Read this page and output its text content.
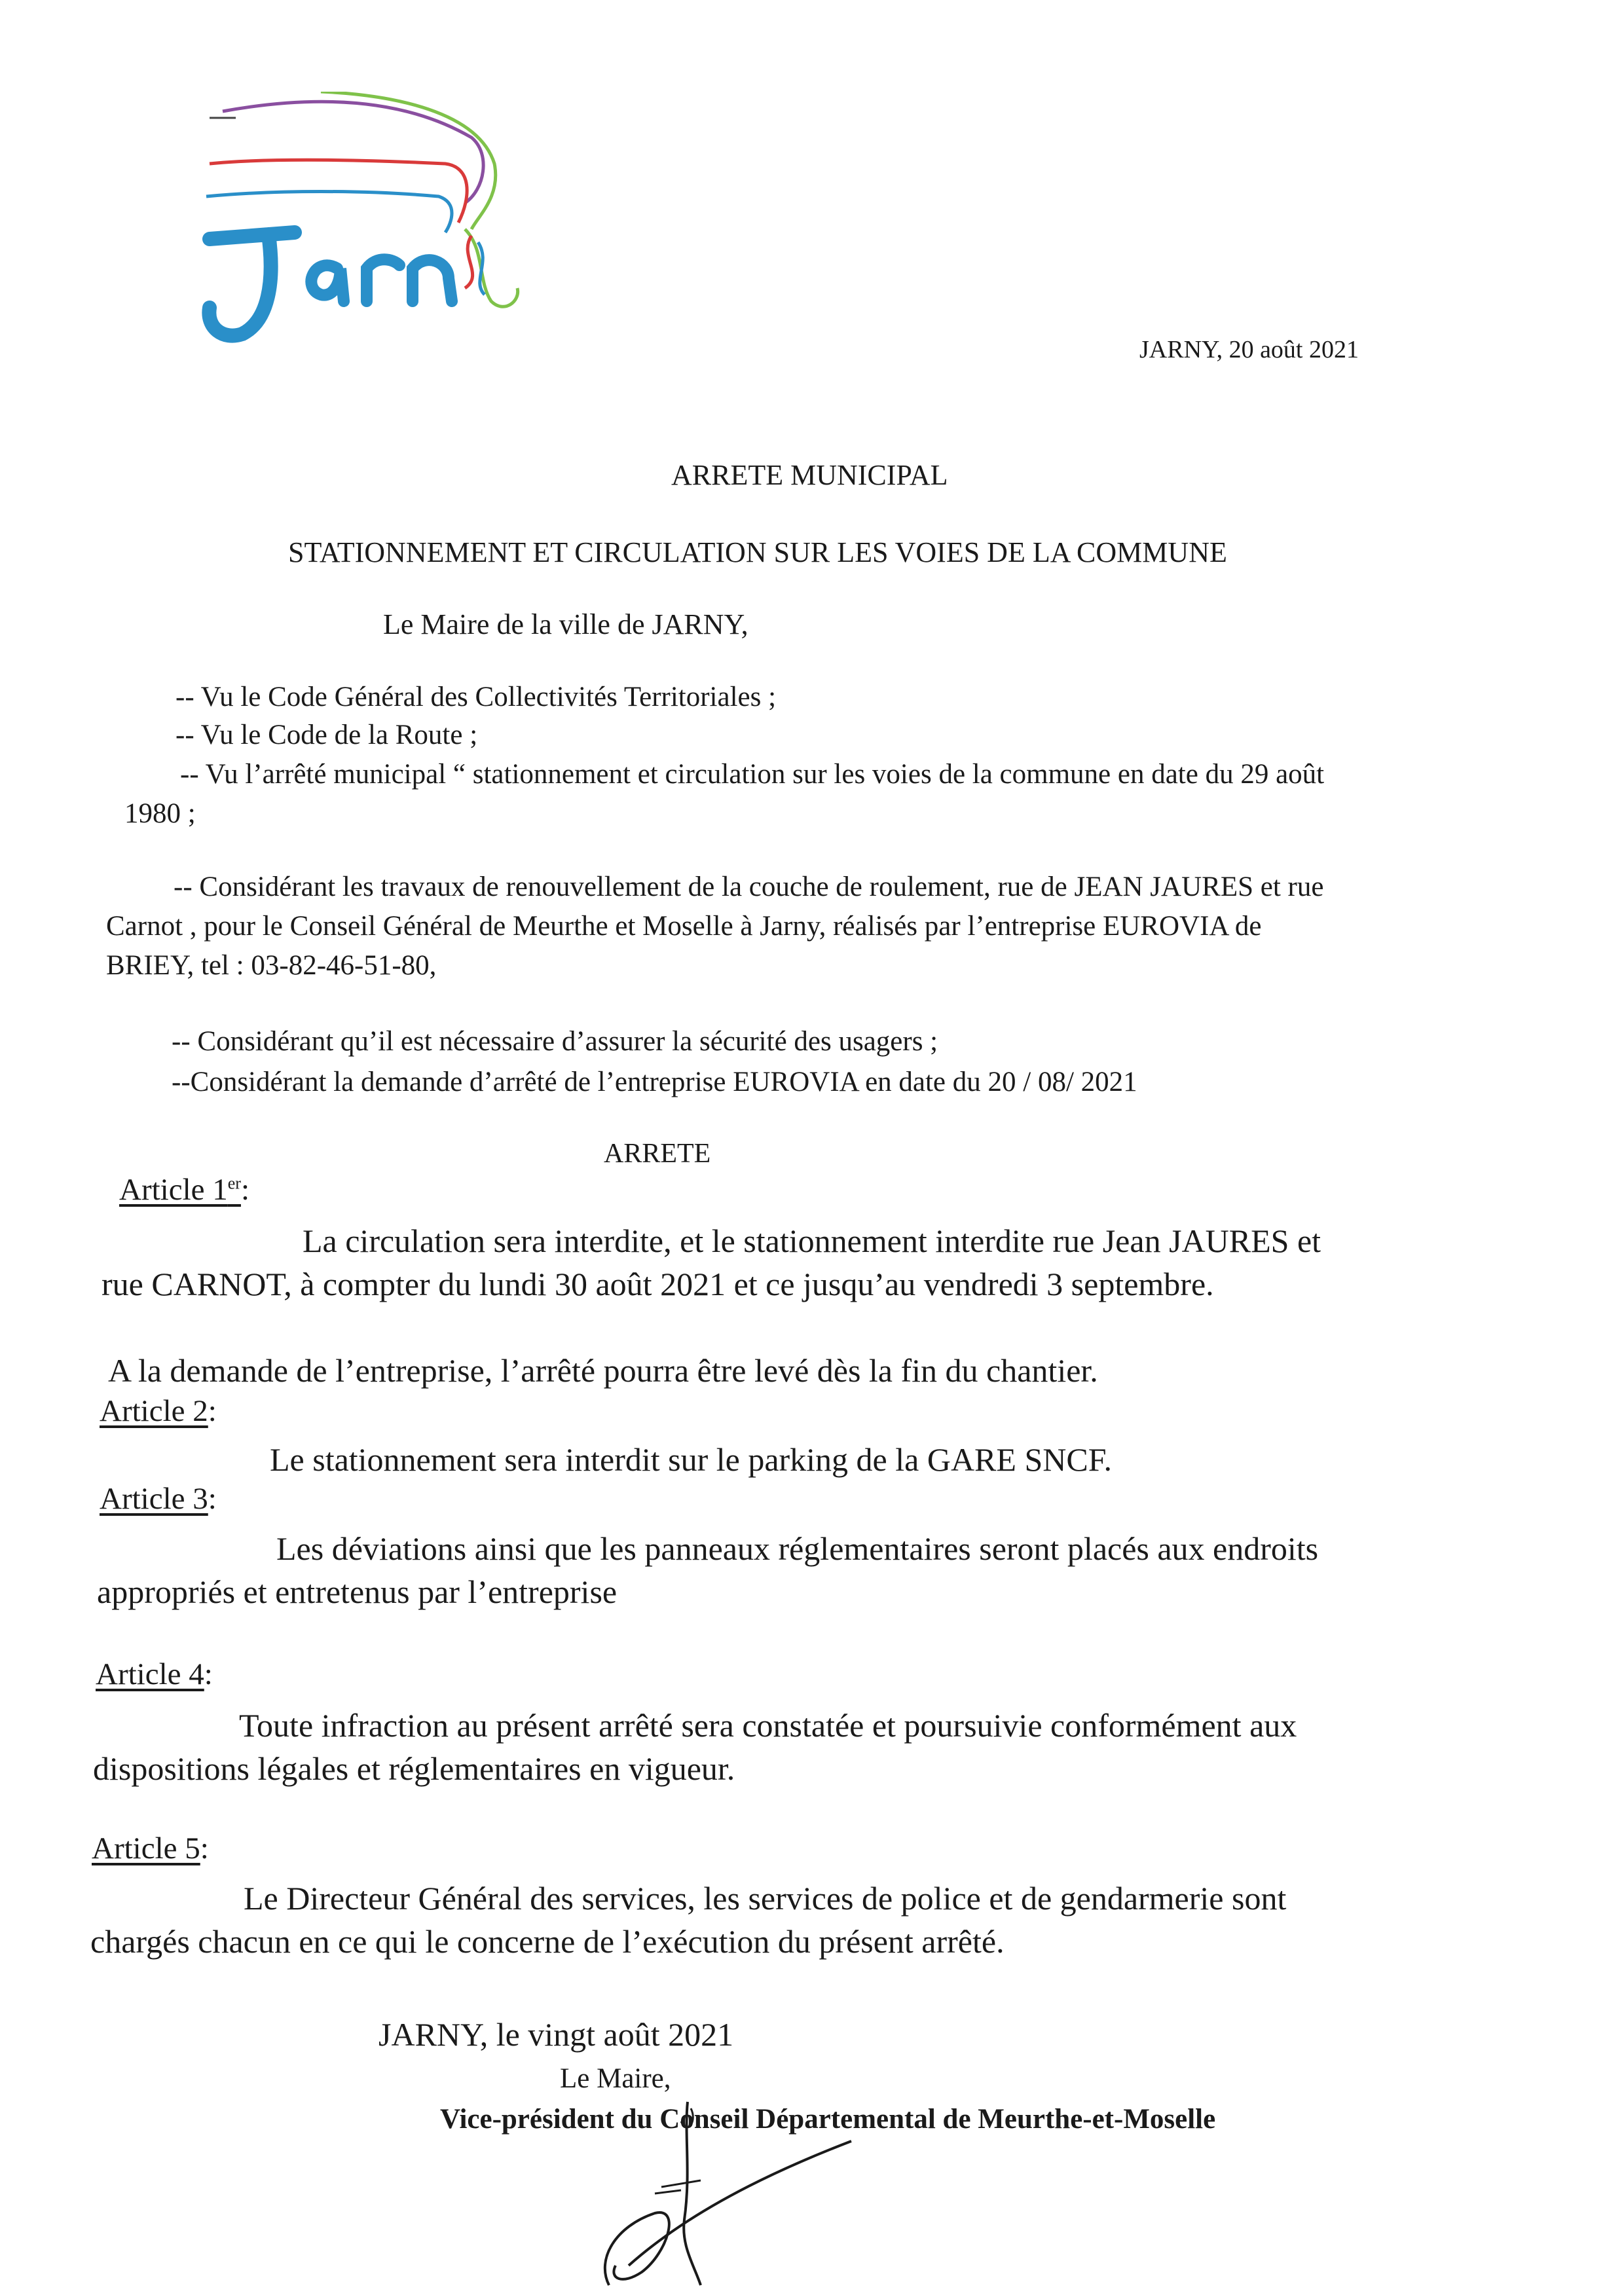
JARNY, 20 août 2021
ARRETE MUNICIPAL
STATIONNEMENT ET CIRCULATION SUR LES VOIES DE LA COMMUNE
Le Maire de la ville de JARNY,
-- Vu le Code Général des Collectivités Territoriales ;
-- Vu le Code de la Route ;
-- Vu l’arrêté municipal “ stationnement et circulation sur les voies de la commune en date du 29 août
1980 ;
-- Considérant les travaux de renouvellement de la couche de roulement, rue de JEAN JAURES et rue
Carnot , pour le Conseil Général de Meurthe et Moselle à Jarny, réalisés par l’entreprise EUROVIA de
BRIEY, tel : 03-82-46-51-80,
-- Considérant qu’il est nécessaire d’assurer la sécurité des usagers ;
--Considérant la demande d’arrêté de l’entreprise EUROVIA en date du 20 / 08/ 2021
ARRETE
Article 1er:
La circulation sera interdite, et le stationnement interdite rue Jean JAURES et
rue CARNOT, à compter du lundi 30 août 2021 et ce jusqu’au vendredi 3 septembre.
A la demande de l’entreprise, l’arrêté pourra être levé dès la fin du chantier.
Article 2:
Le stationnement sera interdit sur le parking de la GARE SNCF.
Article 3:
Les déviations ainsi que les panneaux réglementaires seront placés aux endroits
appropriés et entretenus par l’entreprise
Article 4:
Toute infraction au présent arrêté sera constatée et poursuivie conformément aux
dispositions légales et réglementaires en vigueur.
Article 5:
Le Directeur Général des services, les services de police et de gendarmerie sont
chargés chacun en ce qui le concerne de l’exécution du présent arrêté.
JARNY, le vingt août 2021
Le Maire,
Vice-président du Conseil Départemental de Meurthe-et-Moselle
